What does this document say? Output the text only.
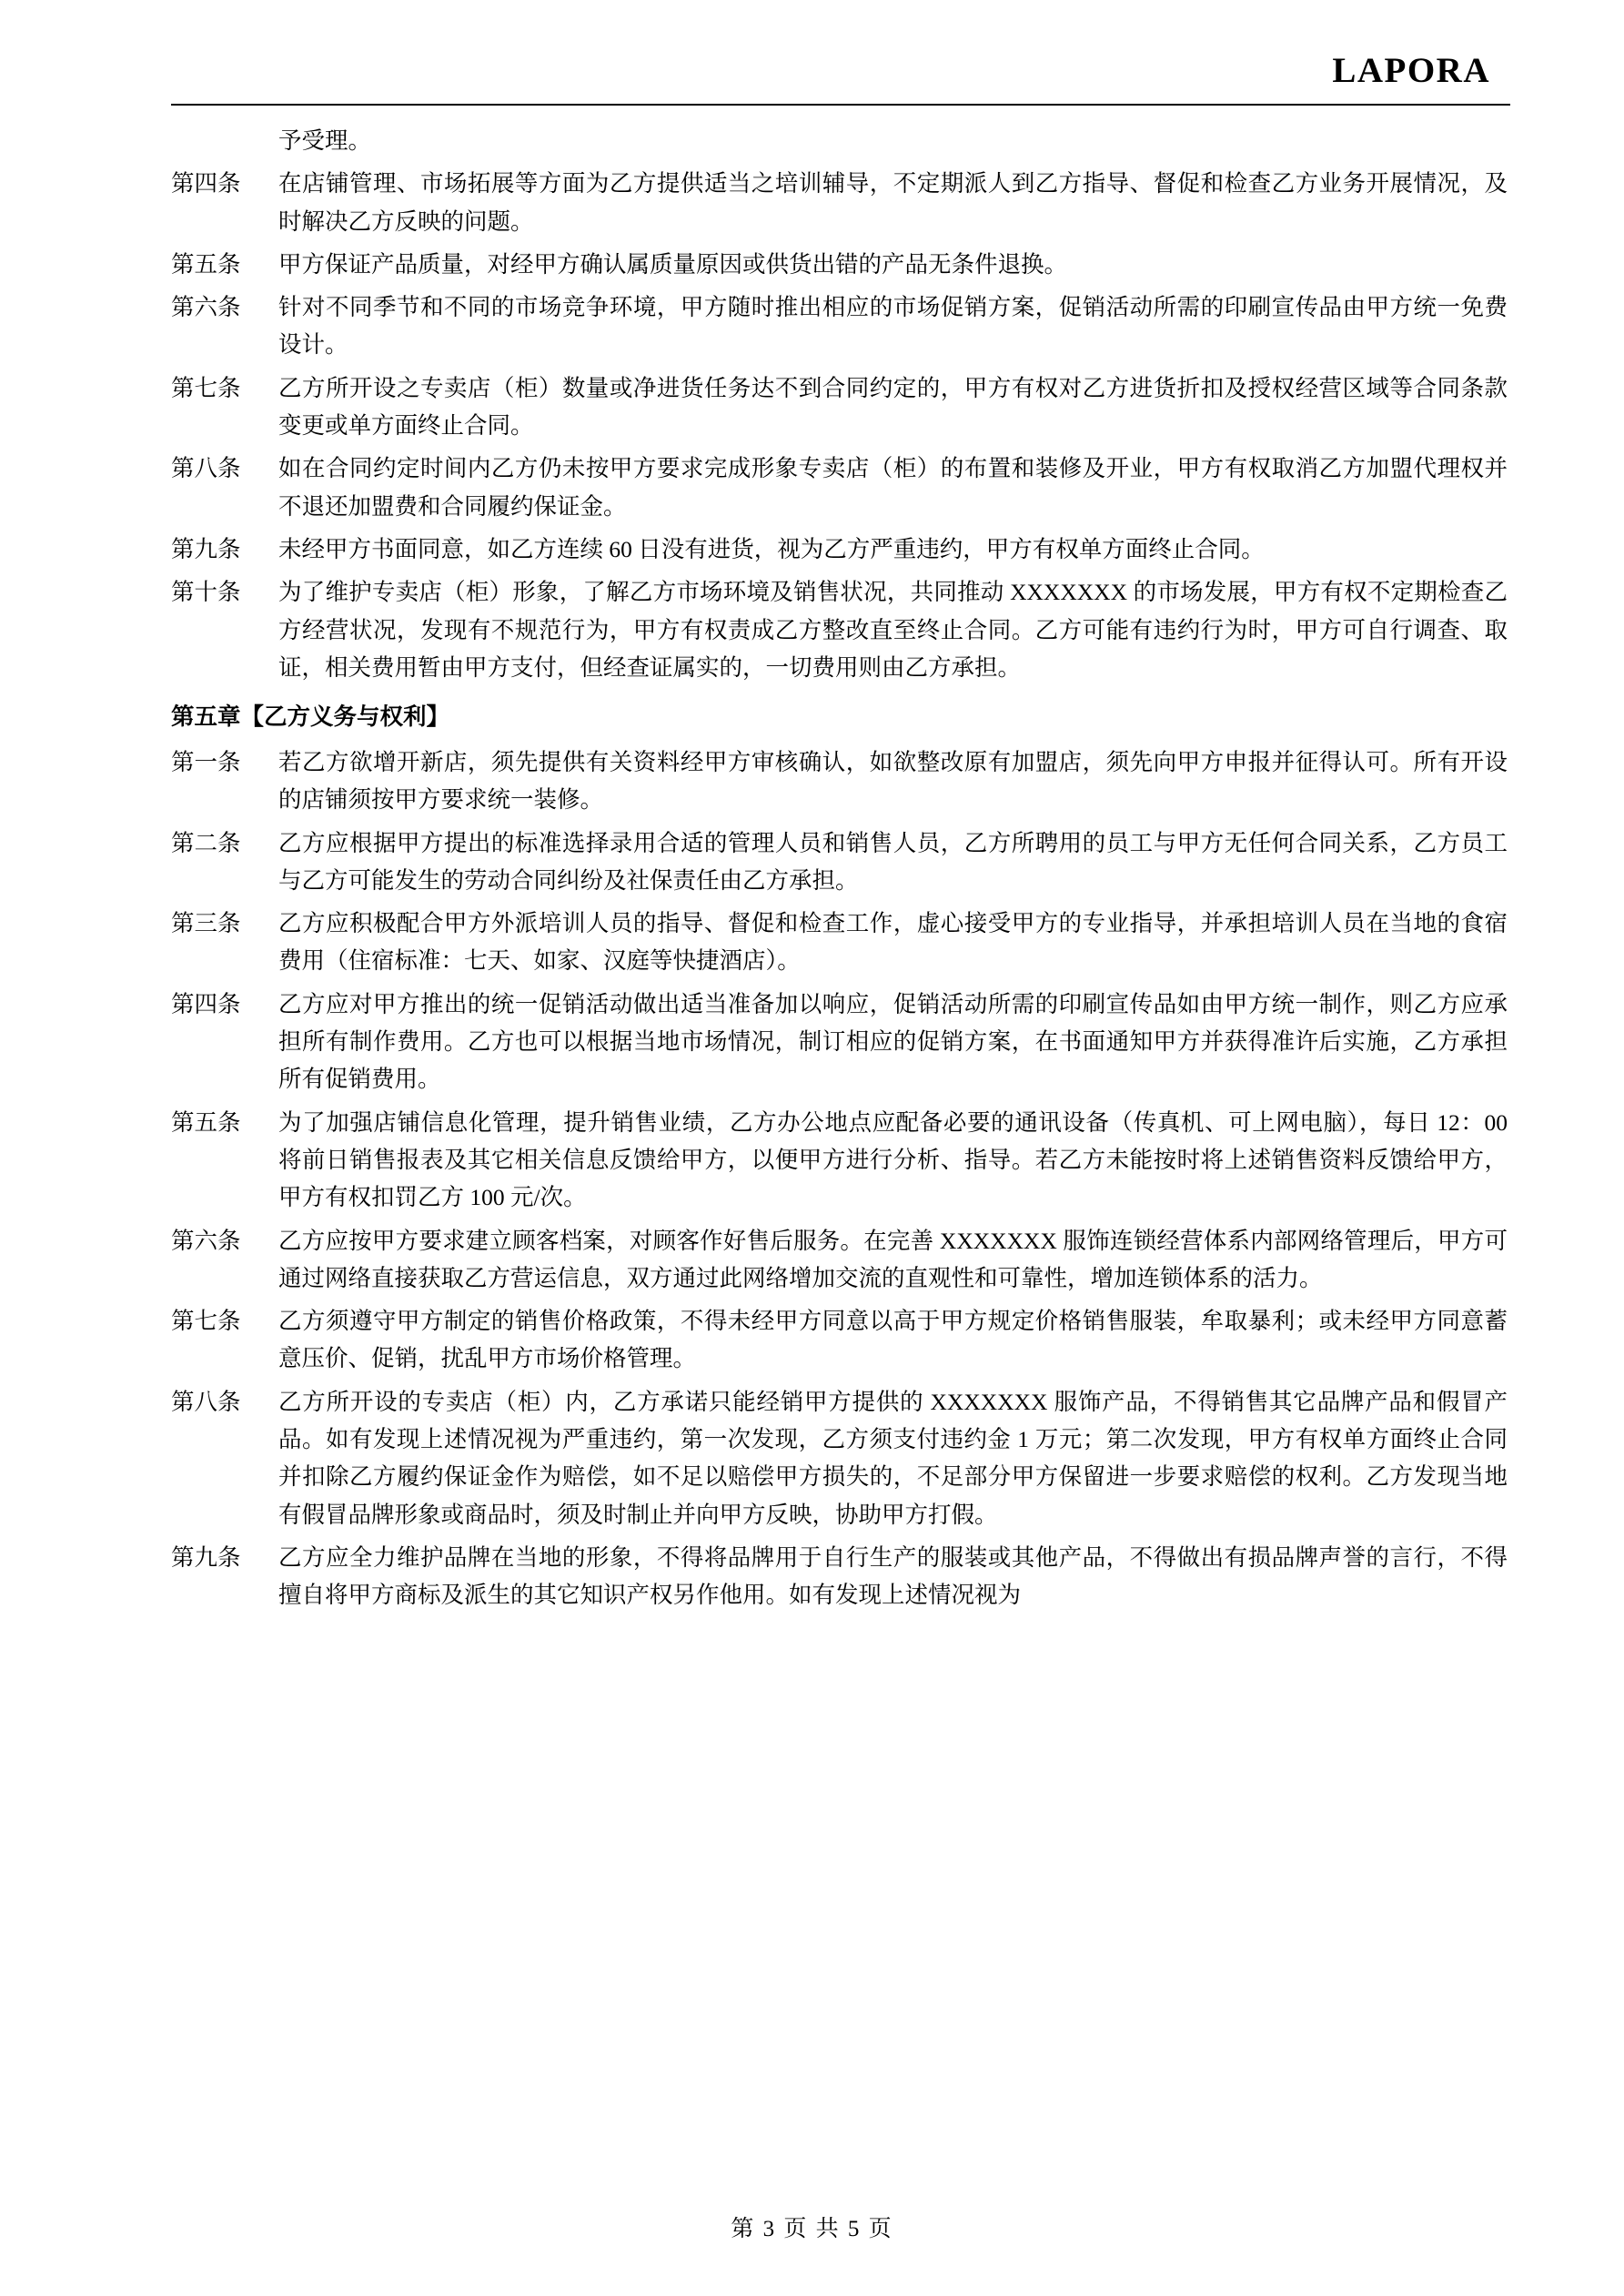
LAPORA
予受理。
第四条	在店铺管理、市场拓展等方面为乙方提供适当之培训辅导，不定期派人到乙方指导、督促和检查乙方业务开展情况，及时解决乙方反映的问题。
第五条	甲方保证产品质量，对经甲方确认属质量原因或供货出错的产品无条件退换。
第六条	针对不同季节和不同的市场竞争环境，甲方随时推出相应的市场促销方案，促销活动所需的印刷宣传品由甲方统一免费设计。
第七条	乙方所开设之专卖店（柜）数量或净进货任务达不到合同约定的，甲方有权对乙方进货折扣及授权经营区域等合同条款变更或单方面终止合同。
第八条	如在合同约定时间内乙方仍未按甲方要求完成形象专卖店（柜）的布置和装修及开业，甲方有权取消乙方加盟代理权并不退还加盟费和合同履约保证金。
第九条	未经甲方书面同意，如乙方连续 60 日没有进货，视为乙方严重违约，甲方有权单方面终止合同。
第十条	为了维护专卖店（柜）形象，了解乙方市场环境及销售状况，共同推动 XXXXXXX 的市场发展，甲方有权不定期检查乙方经营状况，发现有不规范行为，甲方有权责成乙方整改直至终止合同。乙方可能有违约行为时，甲方可自行调查、取证，相关费用暂由甲方支付，但经查证属实的，一切费用则由乙方承担。
第五章【乙方义务与权利】
第一条	若乙方欲增开新店，须先提供有关资料经甲方审核确认，如欲整改原有加盟店，须先向甲方申报并征得认可。所有开设的店铺须按甲方要求统一装修。
第二条	乙方应根据甲方提出的标准选择录用合适的管理人员和销售人员，乙方所聘用的员工与甲方无任何合同关系，乙方员工与乙方可能发生的劳动合同纠纷及社保责任由乙方承担。
第三条	乙方应积极配合甲方外派培训人员的指导、督促和检查工作，虚心接受甲方的专业指导，并承担培训人员在当地的食宿费用（住宿标准：七天、如家、汉庭等快捷酒店）。
第四条	乙方应对甲方推出的统一促销活动做出适当准备加以响应，促销活动所需的印刷宣传品如由甲方统一制作，则乙方应承担所有制作费用。乙方也可以根据当地市场情况，制订相应的促销方案，在书面通知甲方并获得准许后实施，乙方承担所有促销费用。
第五条	为了加强店铺信息化管理，提升销售业绩，乙方办公地点应配备必要的通讯设备（传真机、可上网电脑），每日 12：00 将前日销售报表及其它相关信息反馈给甲方，以便甲方进行分析、指导。若乙方未能按时将上述销售资料反馈给甲方，甲方有权扣罚乙方 100 元/次。
第六条	乙方应按甲方要求建立顾客档案，对顾客作好售后服务。在完善 XXXXXXX 服饰连锁经营体系内部网络管理后，甲方可通过网络直接获取乙方营运信息，双方通过此网络增加交流的直观性和可靠性，增加连锁体系的活力。
第七条	乙方须遵守甲方制定的销售价格政策，不得未经甲方同意以高于甲方规定价格销售服装，牟取暴利；或未经甲方同意蓄意压价、促销，扰乱甲方市场价格管理。
第八条	乙方所开设的专卖店（柜）内，乙方承诺只能经销甲方提供的 XXXXXXX 服饰产品，不得销售其它品牌产品和假冒产品。如有发现上述情况视为严重违约，第一次发现，乙方须支付违约金 1 万元；第二次发现，甲方有权单方面终止合同并扣除乙方履约保证金作为赔偿，如不足以赔偿甲方损失的，不足部分甲方保留进一步要求赔偿的权利。乙方发现当地有假冒品牌形象或商品时，须及时制止并向甲方反映，协助甲方打假。
第九条	乙方应全力维护品牌在当地的形象，不得将品牌用于自行生产的服装或其他产品，不得做出有损品牌声誉的言行，不得擅自将甲方商标及派生的其它知识产权另作他用。如有发现上述情况视为
第 3 页 共 5 页
